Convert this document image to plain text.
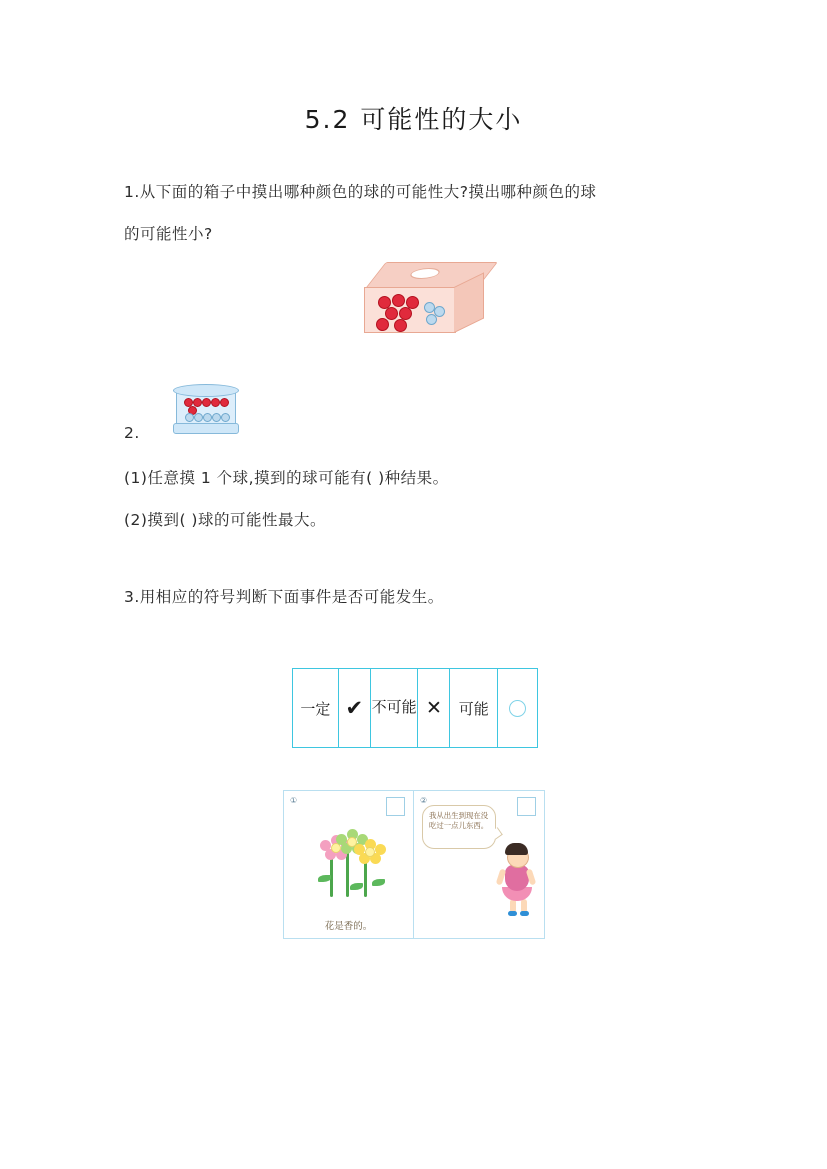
5.2 可能性的大小
1.从下面的箱子中摸出哪种颜色的球的可能性大?摸出哪种颜色的球
的可能性小?
2.
(1)任意摸 1 个球,摸到的球可能有( )种结果。
(2)摸到( )球的可能性最大。
3.用相应的符号判断下面事件是否可能发生。
一定 ✔ 不可能 ✕	可能
①
花是香的。
②
我从出生到现在没吃过一点儿东西。
